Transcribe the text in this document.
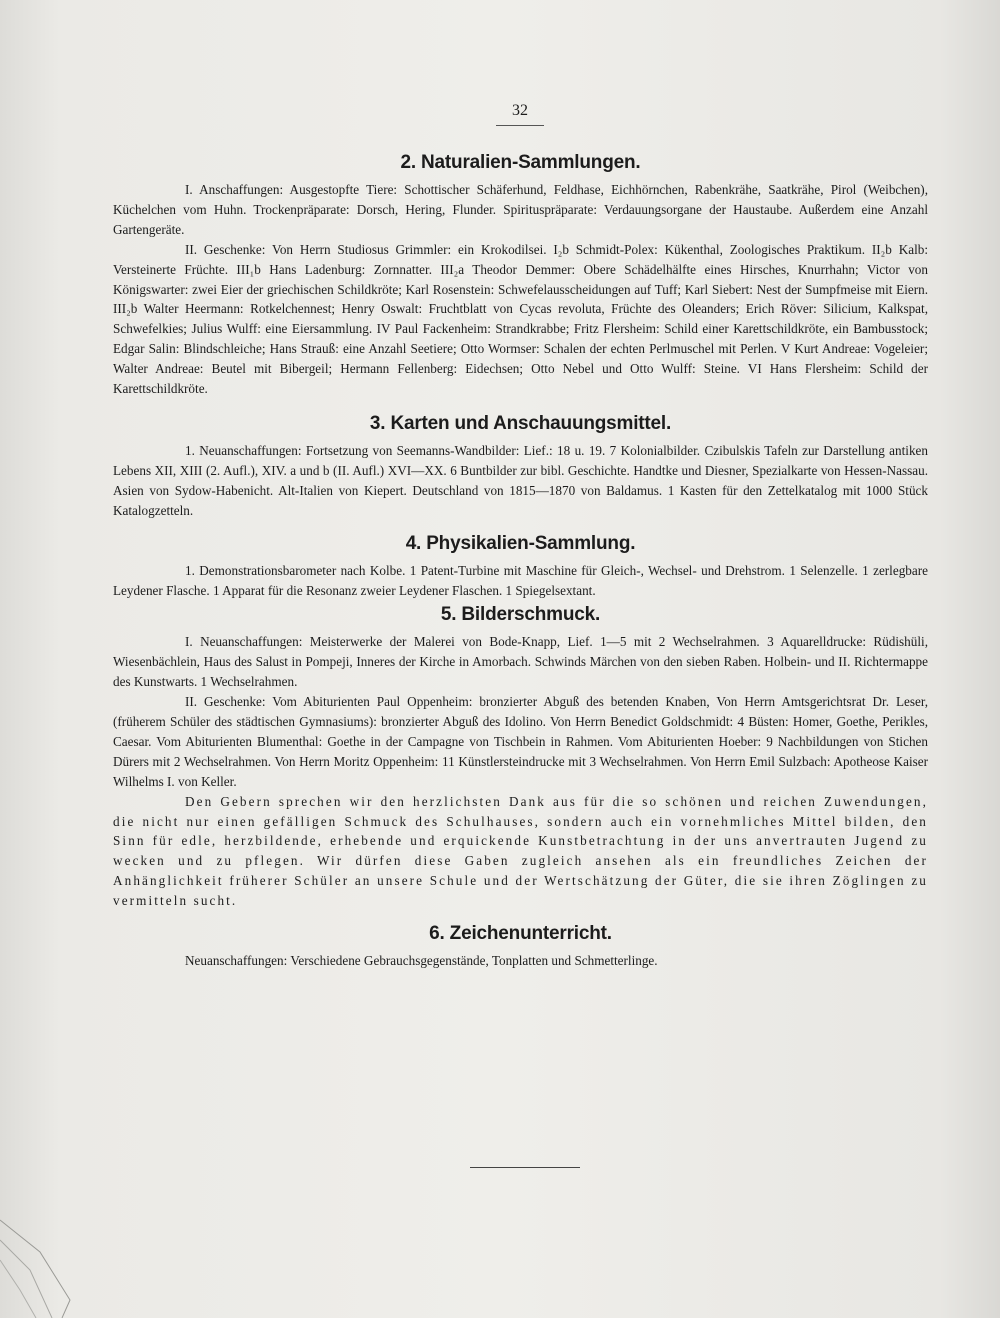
32
2. Naturalien-Sammlungen.

I. Anschaffungen: Ausgestopfte Tiere: Schottischer Schäferhund, Feldhase, Eichhörnchen, Rabenkrähe, Saatkrähe, Pirol (Weibchen), Küchelchen vom Huhn. Trockenpräparate: Dorsch, Hering, Flunder. Spirituspräparate: Verdauungsorgane der Haustaube. Außerdem eine Anzahl Gartengeräte.

II. Geschenke: Von Herrn Studiosus Grimmler: ein Krokodilsei. I₂b Schmidt-Polex: Kükenthal, Zoologisches Praktikum. II₂b Kalb: Versteinerte Früchte. III₁b Hans Ladenburg: Zornnatter. III₂a Theodor Demmer: Obere Schädelhälfte eines Hirsches, Knurrhahn; Victor von Königswarter: zwei Eier der griechischen Schildkröte; Karl Rosenstein: Schwefelausscheidungen auf Tuff; Karl Siebert: Nest der Sumpfmeise mit Eiern. III₂b Walter Heermann: Rotkelchennest; Henry Oswalt: Fruchtblatt von Cycas revoluta, Früchte des Oleanders; Erich Röver: Silicium, Kalkspat, Schwefelkies; Julius Wulff: eine Eiersammlung. IV Paul Fackenheim: Strandkrabbe; Fritz Flersheim: Schild einer Karettschildkröte, ein Bambusstock; Edgar Salin: Blindschleiche; Hans Strauß: eine Anzahl Seetiere; Otto Wormser: Schalen der echten Perlmuschel mit Perlen. V Kurt Andreae: Vogeleier; Walter Andreae: Beutel mit Bibergeil; Hermann Fellenberg: Eidechsen; Otto Nebel und Otto Wulff: Steine. VI Hans Flersheim: Schild der Karettschildkröte.

3. Karten und Anschauungsmittel.

1. Neuanschaffungen: Fortsetzung von Seemanns-Wandbilder: Lief.: 18 u. 19. 7 Kolonialbilder. Czibulskis Tafeln zur Darstellung antiken Lebens XII, XIII (2. Aufl.), XIV. a und b (II. Aufl.) XVI—XX. 6 Buntbilder zur bibl. Geschichte. Handtke und Diesner, Spezialkarte von Hessen-Nassau. Asien von Sydow-Habenicht. Alt-Italien von Kiepert. Deutschland von 1815—1870 von Baldamus. 1 Kasten für den Zettelkatalog mit 1000 Stück Katalogzetteln.

4. Physikalien-Sammlung.

1. Demonstrationsbarometer nach Kolbe. 1 Patent-Turbine mit Maschine für Gleich-, Wechsel- und Drehstrom. 1 Selenzelle. 1 zerlegbare Leydener Flasche. 1 Apparat für die Resonanz zweier Leydener Flaschen. 1 Spiegelsextant.

5. Bilderschmuck.

I. Neuanschaffungen: Meisterwerke der Malerei von Bode-Knapp, Lief. 1—5 mit 2 Wechselrahmen. 3 Aquarelldrucke: Rüdishüli, Wiesenbächlein, Haus des Salust in Pompeji, Inneres der Kirche in Amorbach. Schwinds Märchen von den sieben Raben. Holbein- und II. Richtermappe des Kunstwarts. 1 Wechselrahmen.

II. Geschenke: Vom Abiturienten Paul Oppenheim: bronzierter Abguß des betenden Knaben, Von Herrn Amtsgerichtsrat Dr. Leser, (früherem Schüler des städtischen Gymnasiums): bronzierter Abguß des Idolino. Von Herrn Benedict Goldschmidt: 4 Büsten: Homer, Goethe, Perikles, Caesar. Vom Abiturienten Blumenthal: Goethe in der Campagne von Tischbein in Rahmen. Vom Abiturienten Hoeber: 9 Nachbildungen von Stichen Dürers mit 2 Wechselrahmen. Von Herrn Moritz Oppenheim: 11 Künstlersteindrucke mit 3 Wechselrahmen. Von Herrn Emil Sulzbach: Apotheose Kaiser Wilhelms I. von Keller.

Den Gebern sprechen wir den herzlichsten Dank aus für die so schönen und reichen Zuwendungen, die nicht nur einen gefälligen Schmuck des Schulhauses, sondern auch ein vornehmliches Mittel bilden, den Sinn für edle, herzbildende, erhebende und erquickende Kunstbetrachtung in der uns anvertrauten Jugend zu wecken und zu pflegen. Wir dürfen diese Gaben zugleich ansehen als ein freundliches Zeichen der Anhänglichkeit früherer Schüler an unsere Schule und der Wertschätzung der Güter, die sie ihren Zöglingen zu vermitteln sucht.

6. Zeichenunterricht.

Neuanschaffungen: Verschiedene Gebrauchsgegenstände, Tonplatten und Schmetterlinge.
